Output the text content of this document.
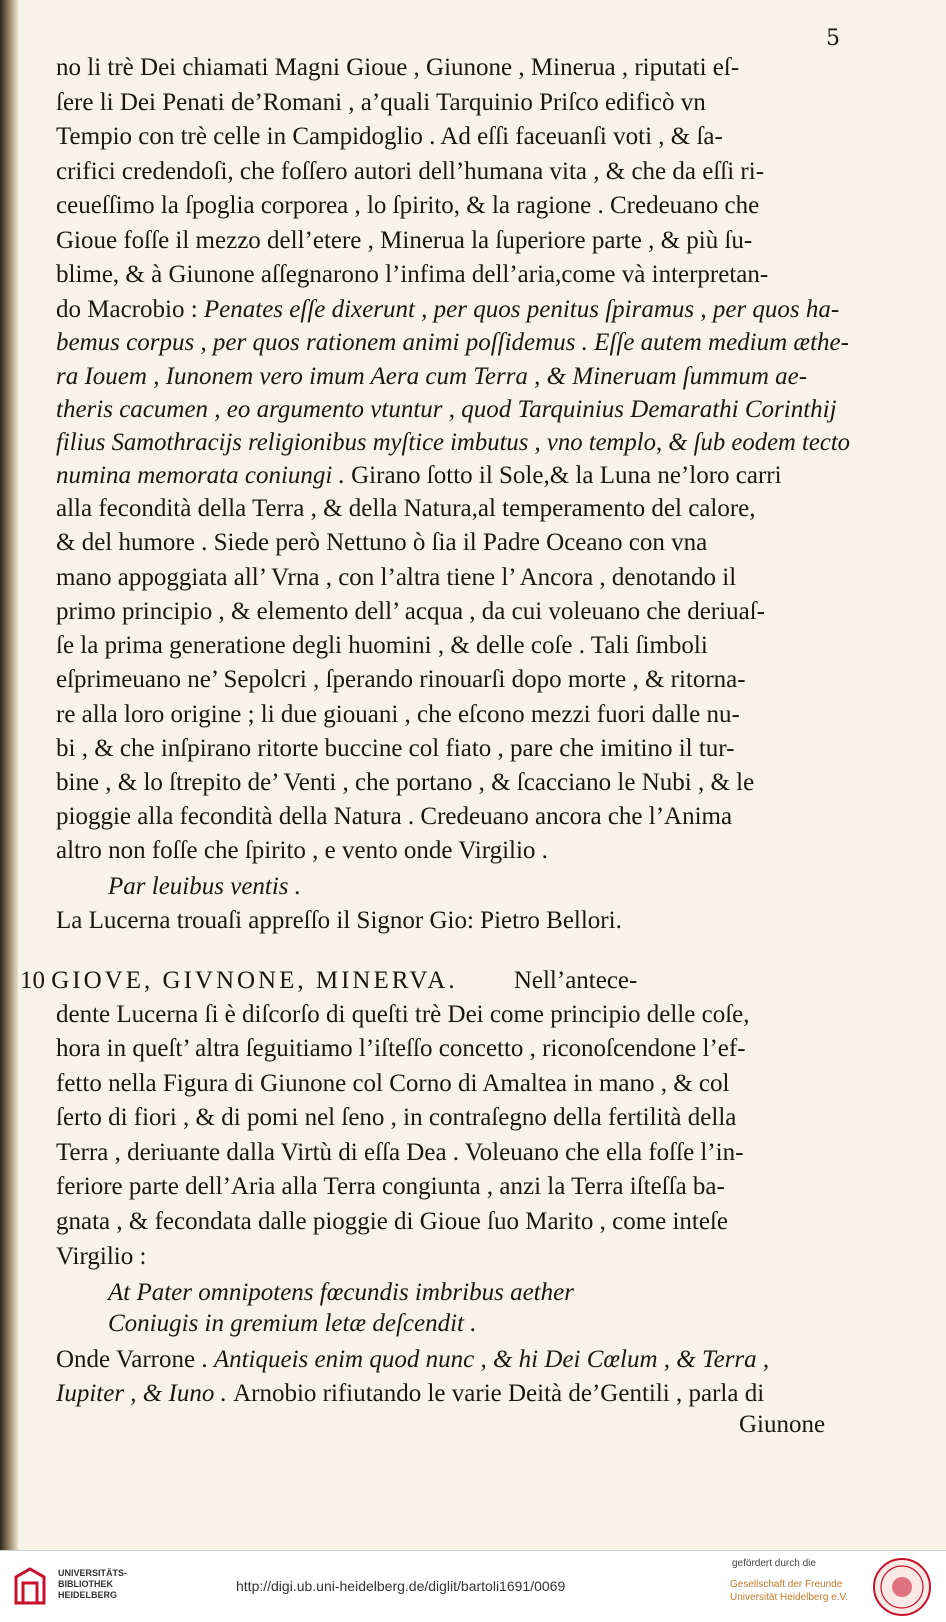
5
no li trè Dei chiamati Magni Gioue , Giunone , Minerua , riputati eſ-
ſere li Dei Penati de’Romani , a’quali Tarquinio Priſco edificò vn
Tempio con trè celle in Campidoglio . Ad eſſi faceuanſi voti , & ſa-
crifici credendoſi, che foſſero autori dell’humana vita , & che da eſſi ri-
ceueſſimo la ſpoglia corporea , lo ſpirito, & la ragione . Credeuano che
Gioue foſſe il mezzo dell’etere , Minerua la ſuperiore parte , & più ſu-
blime, & à Giunone aſſegnarono l’infima dell’aria,come và interpretan-
do Macrobio : Penates eſſe dixerunt , per quos penitus ſpiramus , per quos ha-
bemus corpus , per quos rationem animi poſſidemus . Eſſe autem medium æthe-
ra Iouem , Iunonem vero imum Aera cum Terra , & Mineruam ſummum ae-
theris cacumen , eo argumento vtuntur , quod Tarquinius Demarathi Corinthij
filius Samothracijs religionibus myſtice imbutus , vno templo, & ſub eodem tecto
numina memorata coniungi . Girano ſotto il Sole,& la Luna ne’loro carri
alla fecondità della Terra , & della Natura,al temperamento del calore,
& del humore . Siede però Nettuno ò ſia il Padre Oceano con vna
mano appoggiata all’ Vrna , con l’altra tiene l’ Ancora , denotando il
primo principio , & elemento dell’ acqua , da cui voleuano che deriuaſ-
ſe la prima generatione degli huomini , & delle coſe . Tali ſimboli
eſprimeuano ne’ Sepolcri , ſperando rinouarſi dopo morte , & ritorna-
re alla loro origine ; li due giouani , che eſcono mezzi fuori dalle nu-
bi , & che inſpirano ritorte buccine col fiato , pare che imitino il tur-
bine , & lo ſtrepito de’ Venti , che portano , & ſcacciano le Nubi , & le
pioggie alla fecondità della Natura . Credeuano ancora che l’Anima
altro non foſſe che ſpirito , e vento onde Virgilio .
Par leuibus ventis .
La Lucerna trouaſi appreſſo il Signor Gio: Pietro Bellori.
10 GIOVE, GIVNONE, MINERVA.         Nell’antece-
dente Lucerna ſi è diſcorſo di queſti trè Dei come principio delle coſe,
hora in queſt’ altra ſeguitiamo l’iſteſſo concetto , riconoſcendone l’ef-
fetto nella Figura di Giunone col Corno di Amaltea in mano , & col
ſerto di fiori , & di pomi nel ſeno , in contraſegno della fertilità della
Terra , deriuante dalla Virtù di eſſa Dea . Voleuano che ella foſſe l’in-
feriore parte dell’Aria alla Terra congiunta , anzi la Terra iſteſſa ba-
gnata , & fecondata dalle pioggie di Gioue ſuo Marito , come inteſe
Virgilio :
At Pater omnipotens fœcundis imbribus aether
Coniugis in gremium letæ deſcendit .
Onde Varrone . Antiqueis enim quod nunc , & hi Dei Cœlum , & Terra ,
Iupiter , & Iuno . Arnobio rifiutando le varie Deità de’Gentili , parla di
Giunone
UNIVERSITÄTS-
BIBLIOTHEK
HEIDELBERG
http://digi.ub.uni-heidelberg.de/diglit/bartoli1691/0069
gefördert durch die
Gesellschaft der Freunde
Universität Heidelberg e.V.
